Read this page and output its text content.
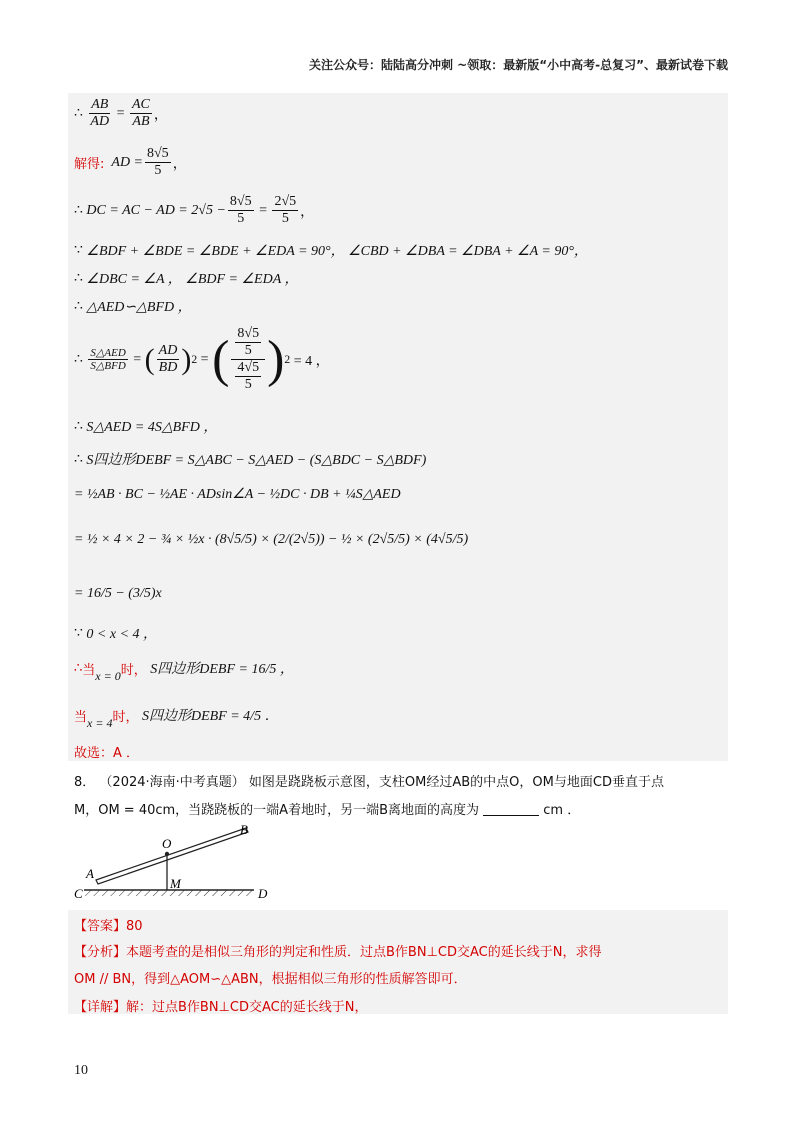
关注公众号：陆陆高分冲刺 ~领取：最新版“小中高考-总复习”、最新试卷下载
∴
$\frac{AB}{AD} = \frac{AC}{AB}$ ，
解得:
AD = $\frac{8√5}{5}$ ，
∴
DC = AC − AD = $2√5 - \frac{8√5}{5} = \frac{2√5}{5}$ ，
∵
∠BDF + ∠BDE = ∠BDE + ∠EDA = 90°， ∠CBD + ∠DBA = ∠DBA + ∠A = 90°，
∴
∠DBC = ∠A ， ∠BDF = ∠EDA ，
∴
△AED∽△BFD ，
∴
$\frac{\text{S△AED}}{\text{S△BFD}}$ = ( $\frac{AD}{BD}$ ) 2 = ( $\frac{\frac{8√5}{5}}{\frac{4√5}{5}}$ ) 2
= 4 ，
∴
S△AED = 4S△BFD ，
∴
S四边形DEBF = S△ABC − S△AED − (S△BDC − S△BDF)
= ½AB · BC − ½AE · ADsin∠A − ½DC · DB + ¼S△AED
= ½ × 4 × 2 − ¾ × ½x · (8√5/5) × (2/(2√5)) − ½ × (2√5/5) × (4√5/5)
= 16/5 − (3/5)x
∵
0 < x < 4 ，
∴ 当 x = 0 时，
S四边形DEBF = 16/5 ，
当 x = 4 时，
S四边形DEBF = 4/5 ．
故选：A ．
8． （2024·海南·中考真题） 如图是跷跷板示意图，支柱OM经过AB的中点O，OM与地面CD垂直于点
M，OM = 40cm，当跷跷板的一端A着地时，另一端B离地面的高度为	cm ．
O
B
A
M
C	D
【答案】80
【分析】本题考查的是相似三角形的判定和性质．过点B作BN⊥CD交AC的延长线于N，求得
OM // BN，得到△AOM∽△ABN，根据相似三角形的性质解答即可．
【详解】解：过点B作BN⊥CD交AC的延长线于N，
10
